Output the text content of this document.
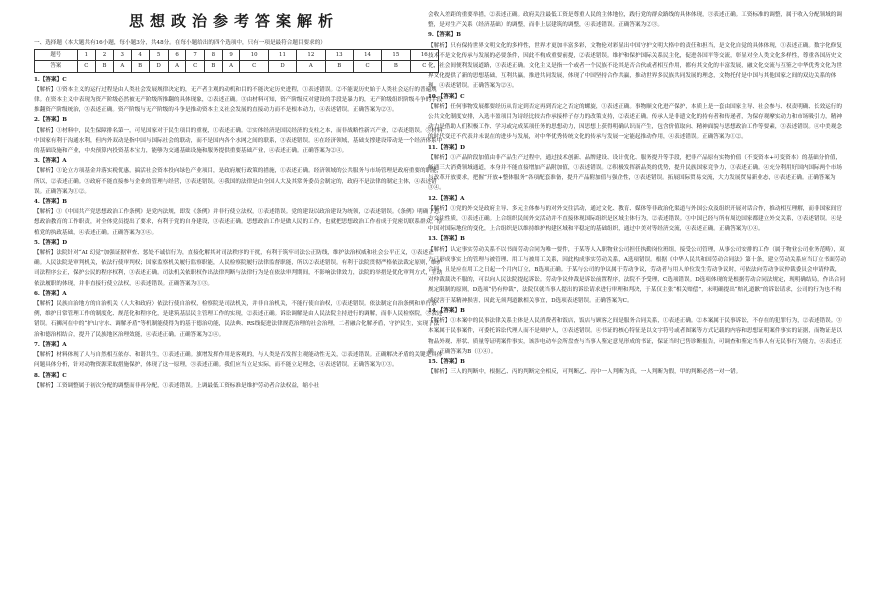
思想政治参考答案解析

一、选择题（本大题共有16小题，每小题3分，共48分。在每小题给出的四个选项中，只有一项是最符合题目要求的）

题号	1	2	3	4	5	6	7	8	9	10	11	12	13	14	15	16
答案	C	B	A	B	D	A	C	B	A	C	D	A	B	C	B	C

1.【答案】C

【解析】①资本主义的运行过程是由人类社会发展规律决定的，无产者主观的动机和目的不能决定历史进程，①表述错误。②不能说历史始于人类社会运行的普遍规律。在资本主义中表现为资产阶级必然被无产阶级所推翻的具体现象，②表述正确。③由材料可知，资产阶级反对建设的手段是暴力的，无产阶级组织阶级斗争的手段推翻资产阶级统治，③表述正确。资产阶级与无产阶级的斗争是推动资本主义社会发展的直接动力而不是根本动力，④表述错误。正确答案为②③。

2.【答案】B

【解析】①材料中，民生保障排名第一，可见国家对于民生项目的重视，①表述正确。②实体经济是国民经济的支柱之本，而非战略性新兴产业，②表述错误。③材料中国家有利于沟通水利，但内外双动是指中国与国际社会的联动，而不是国内各个水网之间的联系，③表述错误。④在经济领域，基础支撑建设带动是一个经济体系中的基础设施和产业，中央预算内投资基本宝力，能够为交通基础设施和服务提供重要基础产业，④表述正确。正确答案为②④。

3.【答案】A

【解析】①论立方项基金并落实税优惠，搞活社会资本投向绿色产业项目，是政府履行政策的措施，①表述正确。经济领域的公共服务与市场管理是政府重要的职能，所以，②表述正确。③政府不能直接参与企业的管理与经营，③表述错误。④我国的法律是由全国人大及其常务委员会制定的，政府不是法律的制定主体，④表述错误。正确答案为①②。

4.【答案】B

【解析】①《中国共产党思想政治工作条例》是党内法规，即发《条例》并非行使立法权，①表述错误。党的建设以政治建设为统领，②表述错误。《条例》明确了思想政治教育的工作职责，对全体党员提出了要求，有利于党的自身建设，③表述正确。思想政治工作是做人民的工作，也就把思想政治工作看成于党密切联系群众，厚植党的执政基础，④表述正确。正确答案为③④。

5.【答案】D

【解析】法院针对“AI 幻觉”加强证据审查、惩处不诚信行为，直接化解其对司法秩序的干扰，有利于筑牢司法公正防线，维护法治权威和社会公平正义，①表述正确。人民法院是审判机关，依法行使审判权；国家监察机关履行监察职能，人民检察院履行法律监督职能，所以②表述错误。有利于法院贯彻严格依法裁定原则，维护司法程序公正，保护公民的程序权利，③表述正确。司法机关依职权作出法律判断与法律行为是在依法审判期间，不影响法律效力，法院的举措是优化审判方式，主动依法履职的体现，并非直接行使立法权，④表述错误。正确答案为①③。

6.【答案】A

【解析】民族自治地方的自治机关（人大和政府）依法行使自治权，检察院是司法机关，并非自治机关，不能行使自治权，①表述错误。依法制定自治条例和单行条例，维护日常管理工作的制度化、规范化和程序化，是建筑基层民主管理工作的实现，②表述正确。诉讼调解是由人民法院主持进行的调解，而非人民检察院，③表述错误。石狮河在中的“护山守水、调解矛盾”等机制能使得为的基于德治功能，民法典、RS线促进法律规范治理的社会治理，二者融合化解矛盾，守护民生，实现了法治和德治相结合，提升了民族地区治理效能，④表述正确。正确答案为②④。

7.【答案】A

【解析】材料体现了人与自然相互依存、和谐共生，①表述正确。旗增发挥作用是客观的，与人类是否发挥主观能动性无关，②表述错误。正确解决矛盾的关键是具体问题具体分析，针对动物资源采取措施保护，体现了这一原理，③表述正确。我们应当立足实际，而不能立足理念，④表述错误。正确答案为①③。

8.【答案】C

【解析】工资调整属于初次分配的调整而非再分配，①表述错误。上调最低工资标准是维护劳动者合法权益，缩小社

会收入差距的重要举措，②表述正确。政府关注最低工资是尊重人民的主体地位，践行党的群众路线的具体体现，③表述正确。工资标准的调整，属于收入分配领域的调整，是对生产关系（经济基础）的调整，而非上层建筑的调整，④表述错误。正确答案为②③。

9.【答案】B

【解析】只有保持世界文明文化的多样性，世界才更加丰富多彩，文物伦对彩显出中国守护文明大格中的责任和担当，是文化自觉的具体体现，①表述正确。数字化修复技术不是文化传承与发展的必要条件，因此不构成重要前提，②表述错误。维护和保护国际关系民主化，促进各国平等交流，彰显对全人类文化多样性，尊重各国历史文化，社会间便利发展道路，③表述正确。文化主义是指一个或者一个民族不论其是否合伙或者相互作用，都有其文化的丰富发展，融文化交流与互鉴之中华优秀文化为世界文化提供了新的思想基础，互利共赢，推进共同发展，体现了中国坚持合作共赢，推动世界多民族共同发展的理念，文物托付是中国与其他国家之间的双边关系的体现，④表述错误。正确答案为②④。

10.【答案】C

【解析】任何事物发展都要经历从肯定到否定再到否定之否定的螺旋，①表述正确。事物顺文化进产保护，本质上是一套由国家主导、社会参与、权责明确、长效运行的公共文化制度安排，入选丰盈项目为诗经比较古作承接样子存力的改策支持，②表述正确。传承人是非遗文化的持有者和传递者，为保存观摩实动力和市场吸引力，精神动力是借助人们积极工作、学习或完成某项任务的思想动力，因思想上获得明确认识而产生，包含价值取向、精神面貌与思想政治工作等要素，③表述错误。④中美观念的时代变迁不代表并未说在的进步与发展，对中华优秀传统文化的传承与发展一定能起推动作用，④表述错误。正确答案为①②。

11.【答案】D

【解析】①产品阶段加值由非产品生产过程中，通过技术创新、品牌建设、设计优化、服务提升等手段，把非产品原有实物价值（不变资本+可变资本）的基础分价值，畅通三大消费领域通道，本身并不能直接增加产品附加值，①表述错误。②积极发挥新品类的优势，提升民族国家竞争力，③表述正确。④充分利用好国内国际两个市场与改革开放要求，把握“开放+整体服务”各项配套准备，提升产品附加值与强企性，③表述错误。拓展国际贸易交流，大力发展贸易新业态，④表述正确。正确答案为③④。

12.【答案】A

【解析】①党的外交是政府主导、多元主体参与的对外交往活动，通过文化、教育、媒体等非政治化渠道与外国公众及组织开展对话合作，推动相互理解，而非国家间官方交往性质，①表述正确。上合组织民间外交活动并不直接体现国际组织是区域主体行为，②表述错误。③中国已经与所有周边国家都建立外交关系，③表述错误。④是中国对国际地位的变化，上合组织是以维持维护构建区域和平稳定的基础组织，通过中美对等经济交流，④表述正确。正确答案为①④。

13.【答案】B

【解析】认定事实劳动关系不以书面劳动合同为唯一要件，于某等人入职物业公司担任执勤岗位班组，接受公司管理，从事公司安排的工作（属于物业公司业务范畴），双方已形成事实上的管理与被管理、用工与被用工关系，因此构成事实劳动关系，A选项错误。根据《中华人民共和国劳动合同法》第十条，建立劳动关系应当订立书面劳动合同，且是应在用工之日起一个月内订立，B选项正确。于某与公司的争议属于劳动争议，劳动者与用人单位发生劳动争议时，可依法向劳动争议仲裁委员会申请仲裁，对仲裁裁决不服的，可以向人民法院提起诉讼。劳动争议仲裁是诉讼前置程序，法院不予受理，C选项错误。D选项体现的是根据劳动合同法规定，现明确结局，作出合同规定限制的原则，D选项“仍有仲裁”，法院仅就当事人提出的诉讼请求进行审理和判决，于某仅主张“相关赔偿”，未明确提出“赔礼道歉”的诉讼请求，公司的行为也不构成侵害于某精神损害，因此无须判道歉相关事宜，D选项表述错误。正确答案为C。

14.【答案】B

【解析】①本案中的民事法律关系主体是人民消费者和饭店，饭店与顾客之间是服务合同关系，①表述正确。②本案属于民事诉讼，不存在的犯罪行为，②表述错误。③本案属于民事案件，可委托诉讼代理人而不是辩护人，③表述错误。④书证的核心特征是以文字符号或者图案等方式记载的内容和思想证明案件事实的证据，而物证是以物品外观、形状、质量等证明案件事实，该涉电动车会所盘查与当事人鉴定意见形成的书证，保证当时已售诊断报告，可调查和鉴定当事人有无民事行为能力，④表述正确。正确答案为B（①④）。

15.【答案】B

【解析】三人的判断中，根据乙、丙的判断完全相反，可判断乙、丙中一人判断为真，一人判断为假，甲的判断必然一对一错。
